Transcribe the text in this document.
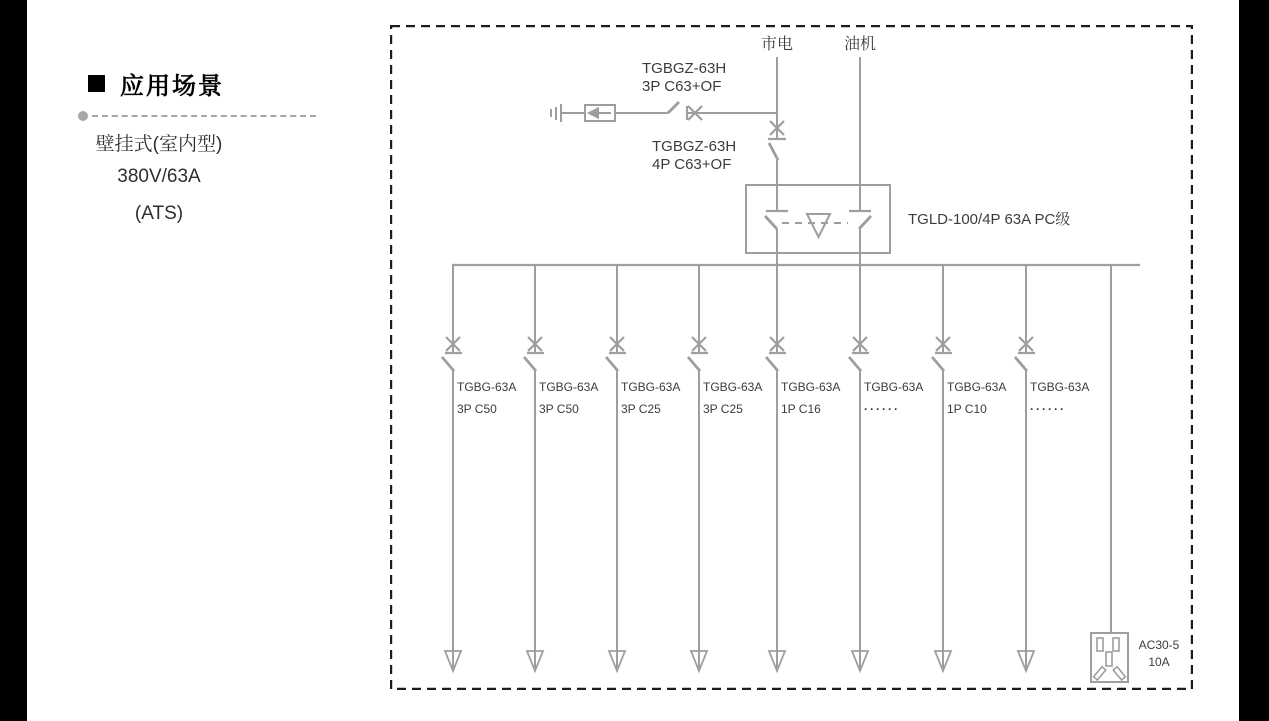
应用场景
壁挂式(室内型)
380V/63A
(ATS)
市电	油机
TGBGZ-63H
3P C63+OF
TGBGZ-63H
4P C63+OF
TGLD-100/4P 63A PC级
TGBG-63A
3P C50
TGBG-63A
3P C50
TGBG-63A
3P C25
TGBG-63A
3P C25
TGBG-63A
1P C16
TGBG-63A
······
TGBG-63A
1P C10
TGBG-63A
······
AC30-5
10A
